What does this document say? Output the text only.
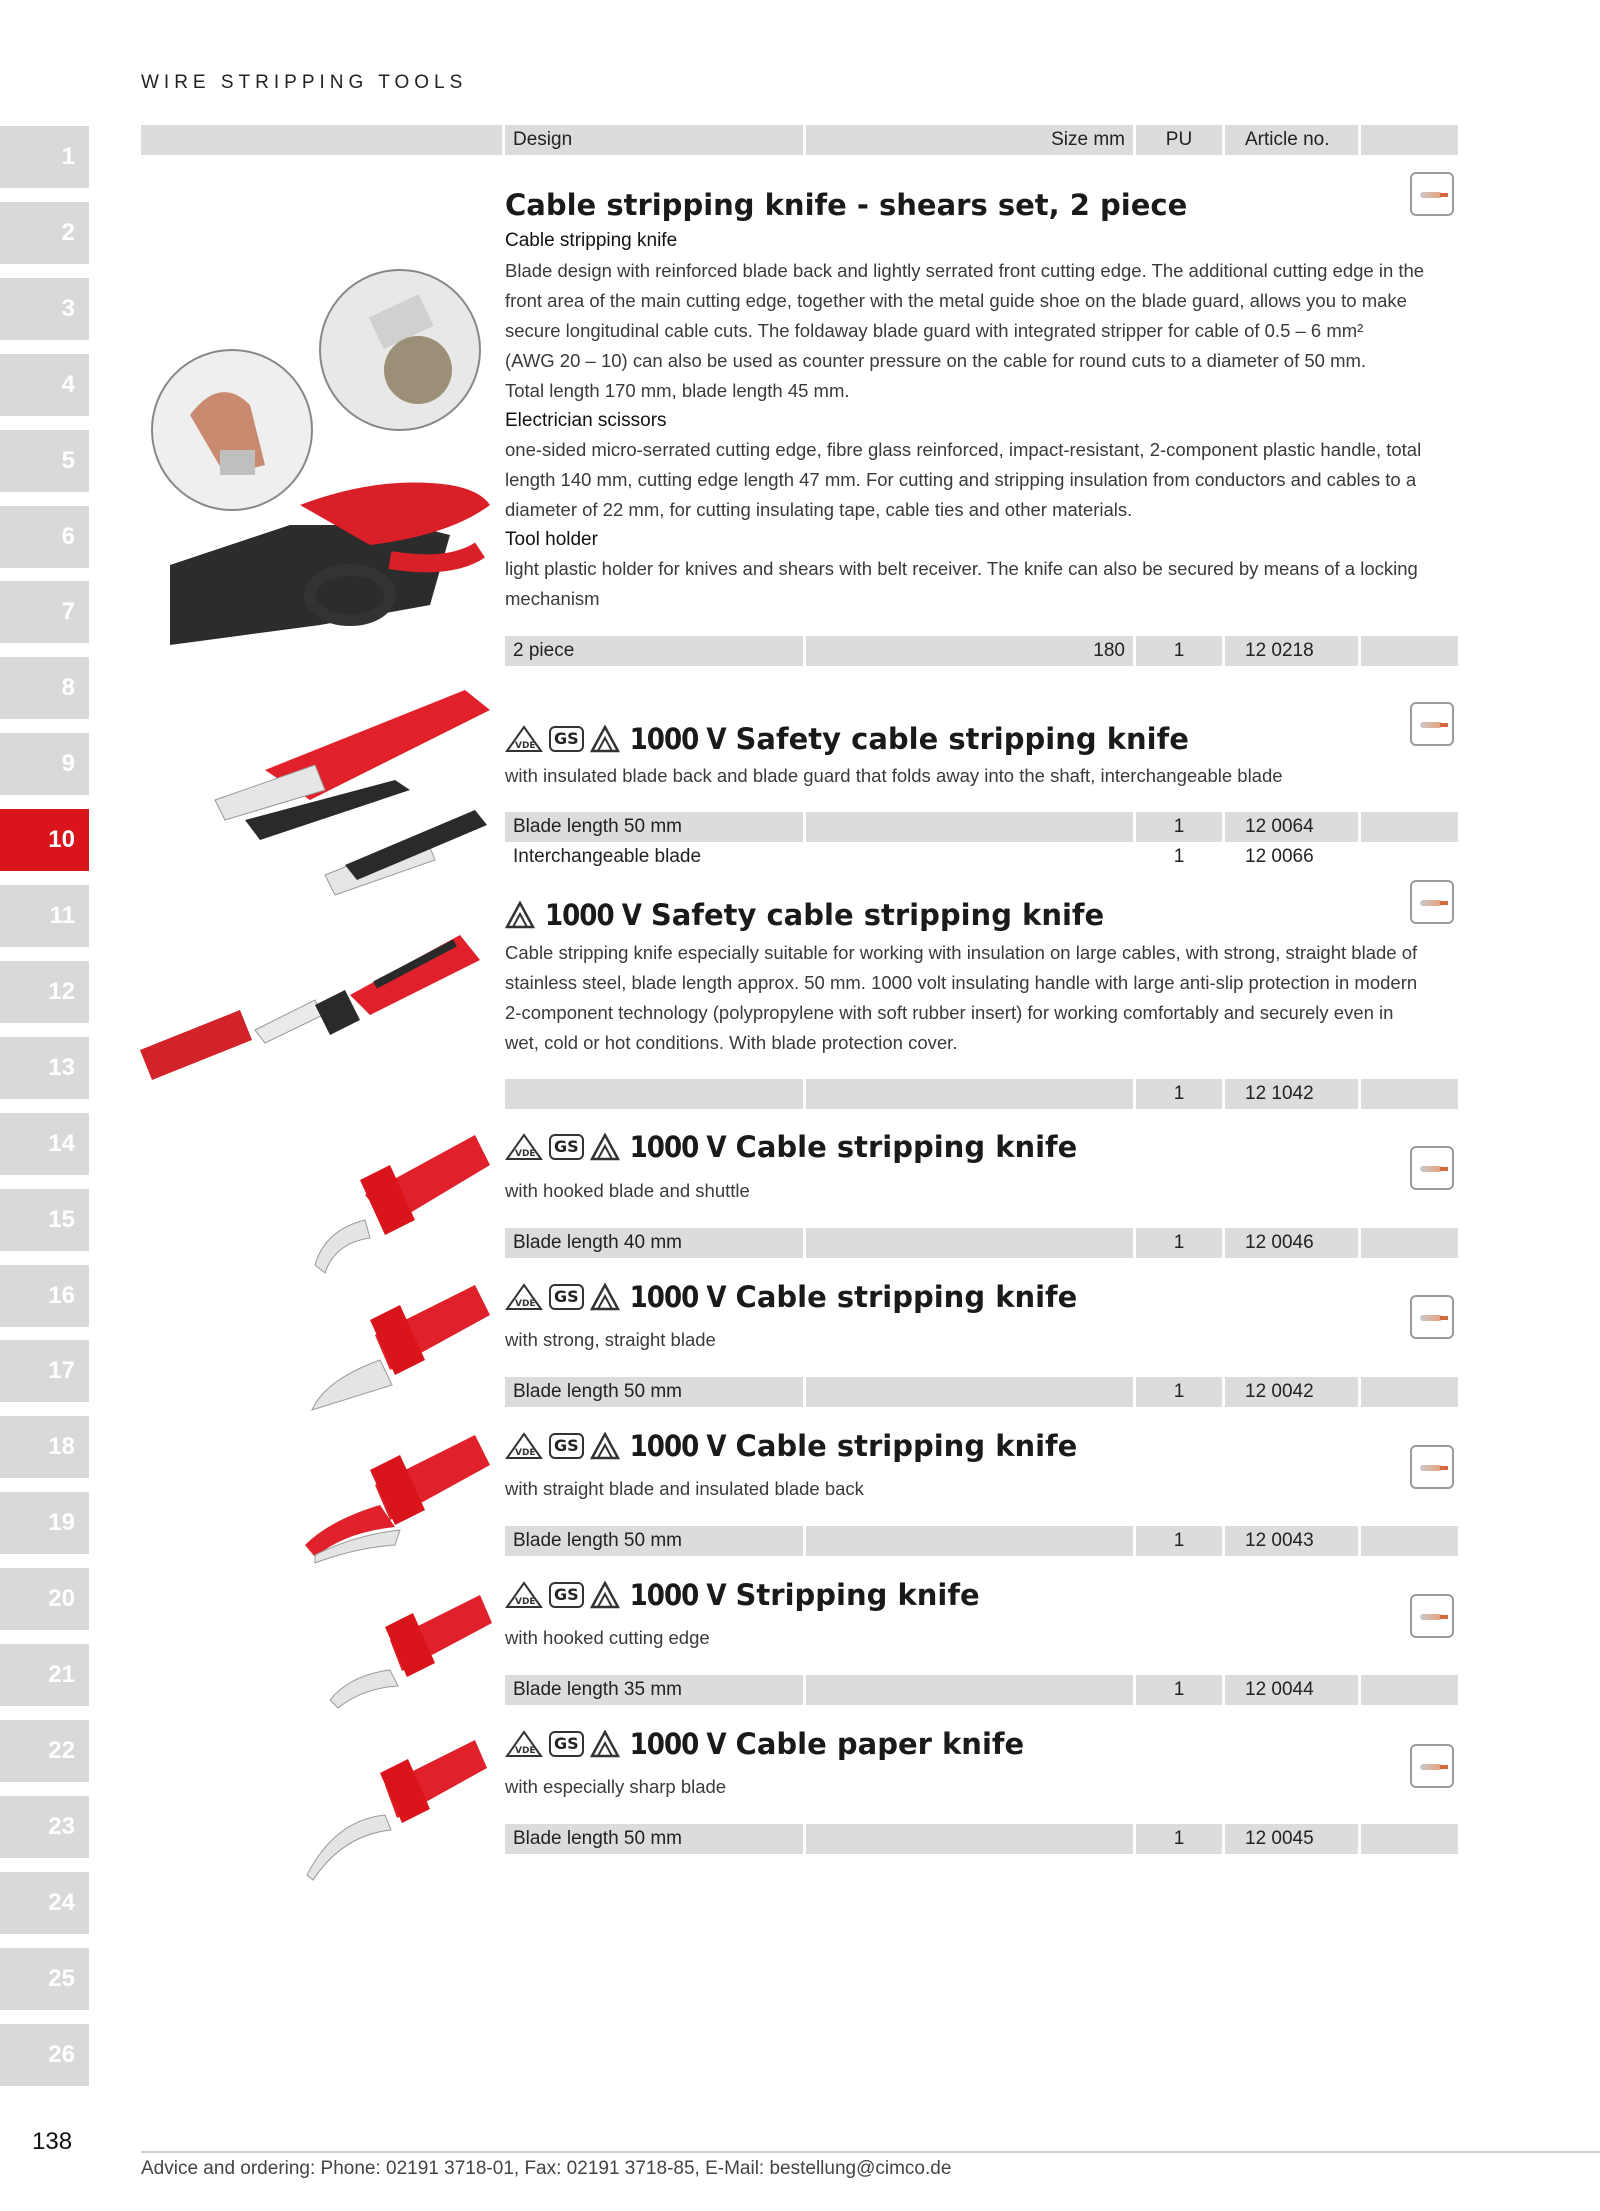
WIRE STRIPPING TOOLS
1
2
3
4
5
6
7
8
9
10
11
12
13
14
15
16
17
18
19
20
21
22
23
24
25
26
Design	Size mm	PU	Article no.
Cable stripping knife - shears set, 2 piece
Cable stripping knife
Blade design with reinforced blade back and lightly serrated front cutting edge. The additional cutting edge in the
front area of the main cutting edge, together with the metal guide shoe on the blade guard, allows you to make
secure longitudinal cable cuts. The foldaway blade guard with integrated stripper for cable of 0.5 – 6 mm²
(AWG 20 – 10) can also be used as counter pressure on the cable for round cuts to a diameter of 50 mm.
Total length 170 mm, blade length 45 mm.
Electrician scissors
one-sided micro-serrated cutting edge, fibre glass reinforced, impact-resistant, 2-component plastic handle, total
length 140 mm, cutting edge length 47 mm. For cutting and stripping insulation from conductors and cables to a
diameter of 22 mm, for cutting insulating tape, cable ties and other materials.
Tool holder
light plastic holder for knives and shears with belt receiver. The knife can also be secured by means of a locking
mechanism
2 piece	180	1	12 0218
VDE	GS 1000 V Safety cable stripping knife
with insulated blade back and blade guard that folds away into the shaft, interchangeable blade
Blade length 50 mm	1	12 0064
Interchangeable blade	1	12 0066
1000 V Safety cable stripping knife
Cable stripping knife especially suitable for working with insulation on large cables, with strong, straight blade of
stainless steel, blade length approx. 50 mm. 1000 volt insulating handle with large anti-slip protection in modern
2-component technology (polypropylene with soft rubber insert) for working comfortably and securely even in
wet, cold or hot conditions. With blade protection cover.
1	12 1042
VDE	GS 1000 V Cable stripping knife
with hooked blade and shuttle
Blade length 40 mm	1	12 0046
VDE	GS 1000 V Cable stripping knife
with strong, straight blade
Blade length 50 mm	1	12 0042
VDE	GS 1000 V Cable stripping knife
with straight blade and insulated blade back
Blade length 50 mm	1	12 0043
VDE	GS 1000 V Stripping knife
with hooked cutting edge
Blade length 35 mm	1	12 0044
VDE	GS 1000 V Cable paper knife
with especially sharp blade
Blade length 50 mm	1	12 0045
138
Advice and ordering: Phone: 02191 3718-01, Fax: 02191 3718-85, E-Mail: bestellung@cimco.de
